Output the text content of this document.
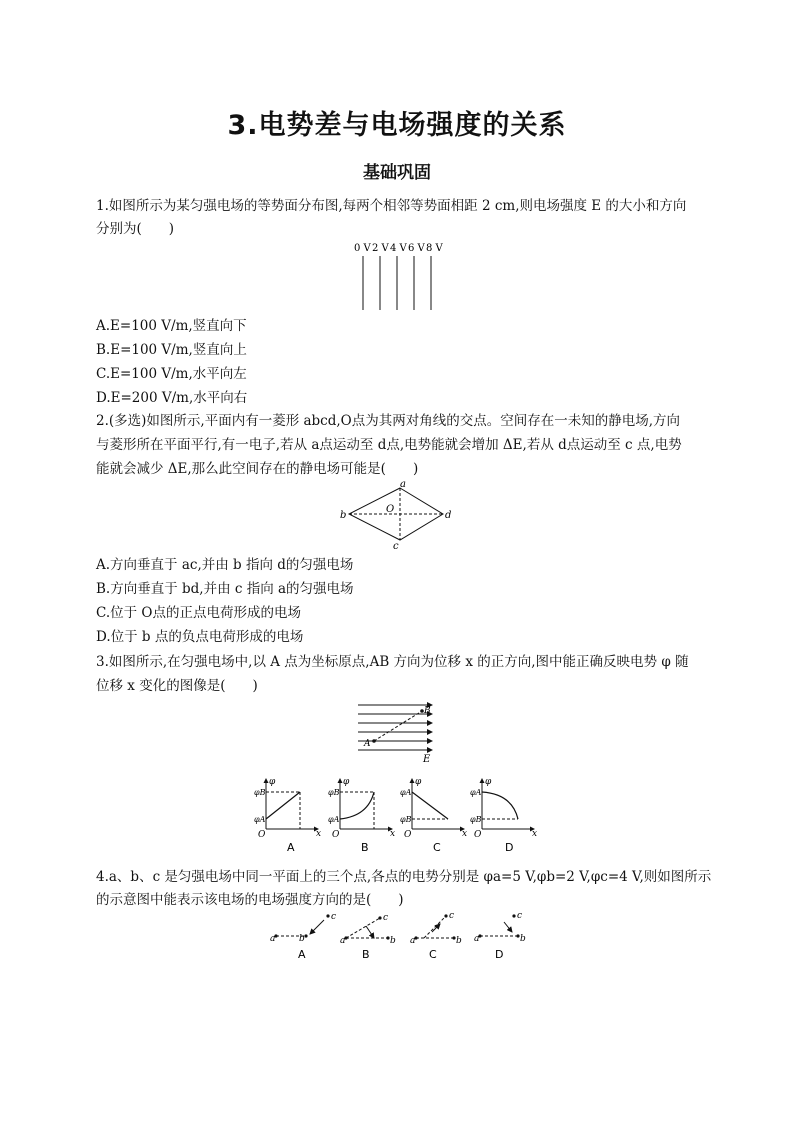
3.电势差与电场强度的关系
基础巩固
1.如图所示为某匀强电场的等势面分布图,每两个相邻等势面相距 2 cm,则电场强度 E 的大小和方向
分别为(　　)
0 V 2 V 4 V 6 V 8 V
A.E=100 V/m,竖直向下
B.E=100 V/m,竖直向上
C.E=100 V/m,水平向左
D.E=200 V/m,水平向右
2.(多选)如图所示,平面内有一菱形 abcd,O点为其两对角线的交点。空间存在一未知的静电场,方向
与菱形所在平面平行,有一电子,若从 a点运动至 d点,电势能就会增加 ΔE,若从 d点运动至 c 点,电势
能就会减少 ΔE,那么此空间存在的静电场可能是(　　)
a
b
c
d
O
A.方向垂直于 ac,并由 b 指向 d的匀强电场
B.方向垂直于 bd,并由 c 指向 a的匀强电场
C.位于 O点的正点电荷形成的电场
D.位于 b 点的负点电荷形成的电场
3.如图所示,在匀强电场中,以 A 点为坐标原点,AB 方向为位移 x 的正方向,图中能正确反映电势 φ 随
位移 x 变化的图像是(　　)
A
B
E
φ
φB
φA
O	x
A
φ
φB
φA
O	x
B
φ
φA
φB
O	x
C
φ
φA
φB
O	x
D
4.a、b、c 是匀强电场中同一平面上的三个点,各点的电势分别是 φa=5 V,φb=2 V,φc=4 V,则如图所示
的示意图中能表示该电场的电场强度方向的是(　　)
a	b
c
A
a	b
c
B
a	b
c
C
a	b
c
D
